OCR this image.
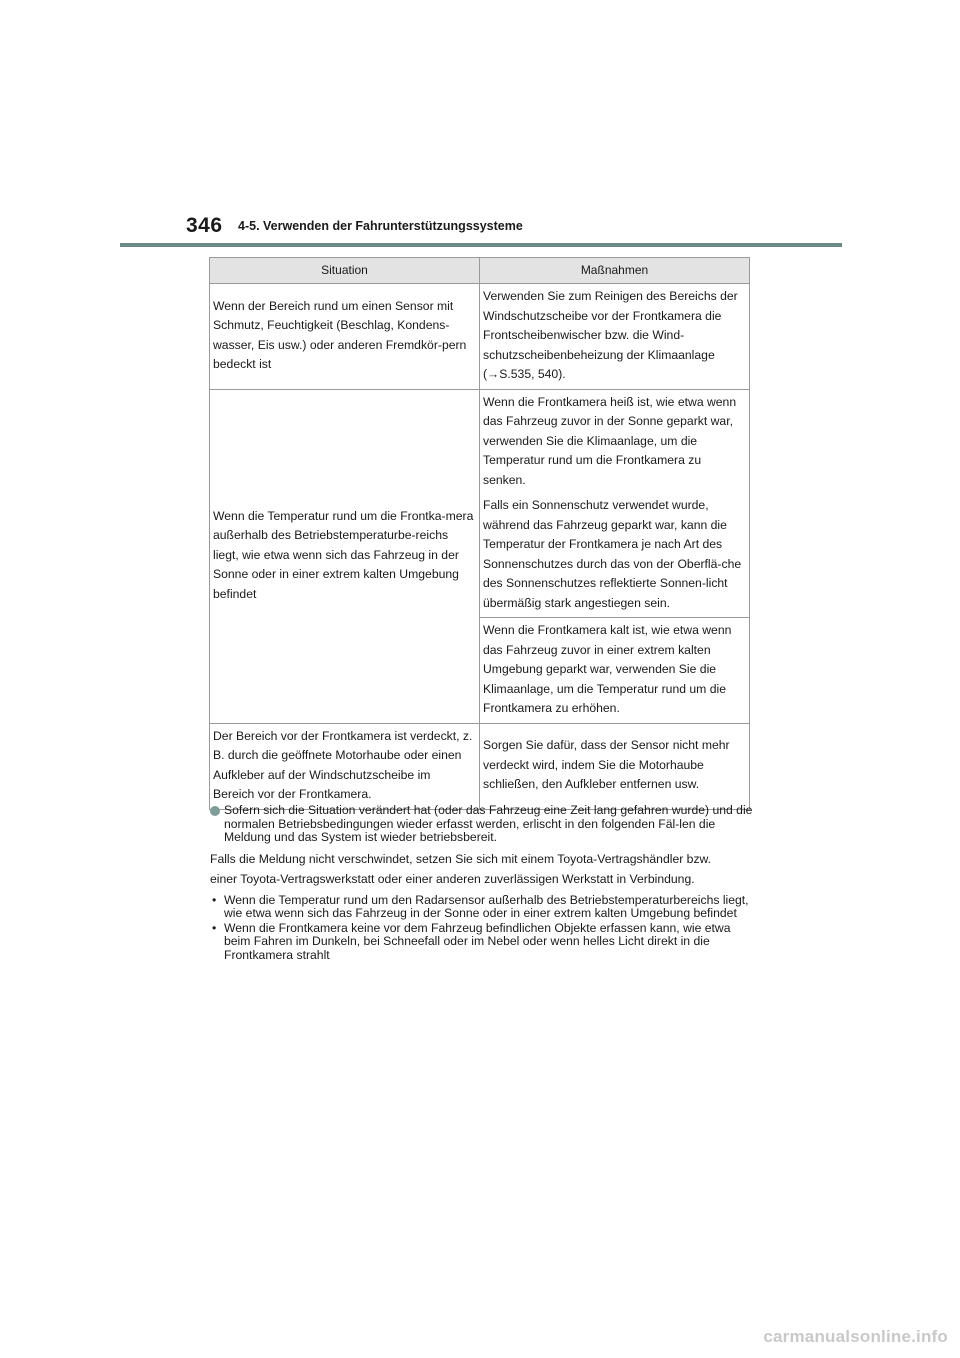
346 4-5. Verwenden der Fahrunterstützungssysteme
Situation	Maßnahmen

Wenn der Bereich rund um einen Sensor mit Schmutz, Feuchtigkeit (Beschlag, Kondens-wasser, Eis usw.) oder anderen Fremdkör-pern bedeckt ist	Verwenden Sie zum Reinigen des Bereichs der Windschutzscheibe vor der Frontkamera die Frontscheibenwischer bzw. die Wind-schutzscheibenbeheizung der Klimaanlage (→S.535, 540).

Wenn die Temperatur rund um die Frontka-mera außerhalb des Betriebstemperaturbe-reichs liegt, wie etwa wenn sich das Fahrzeug in der Sonne oder in einer extrem kalten Umgebung befindet	Wenn die Frontkamera heiß ist, wie etwa wenn das Fahrzeug zuvor in der Sonne geparkt war, verwenden Sie die Klimaanlage, um die Temperatur rund um die Frontkamera zu senken.
Falls ein Sonnenschutz verwendet wurde, während das Fahrzeug geparkt war, kann die Temperatur der Frontkamera je nach Art des Sonnenschutzes durch das von der Oberflä-che des Sonnenschutzes reflektierte Sonnen-licht übermäßig stark angestiegen sein.

	Wenn die Frontkamera kalt ist, wie etwa wenn das Fahrzeug zuvor in einer extrem kalten Umgebung geparkt war, verwenden Sie die Klimaanlage, um die Temperatur rund um die Frontkamera zu erhöhen.

Der Bereich vor der Frontkamera ist verdeckt, z. B. durch die geöffnete Motorhaube oder einen Aufkleber auf der Windschutzscheibe im Bereich vor der Frontkamera.	Sorgen Sie dafür, dass der Sensor nicht mehr verdeckt wird, indem Sie die Motorhaube schließen, den Aufkleber entfernen usw.
Sofern sich die Situation verändert hat (oder das Fahrzeug eine Zeit lang gefahren wurde) und die normalen Betriebsbedingungen wieder erfasst werden, erlischt in den folgenden Fäl-len die Meldung und das System ist wieder betriebsbereit.
Falls die Meldung nicht verschwindet, setzen Sie sich mit einem Toyota-Vertragshändler bzw.
einer Toyota-Vertragswerkstatt oder einer anderen zuverlässigen Werkstatt in Verbindung.
• Wenn die Temperatur rund um den Radarsensor außerhalb des Betriebstemperaturbereichs liegt, wie etwa wenn sich das Fahrzeug in der Sonne oder in einer extrem kalten Umgebung befindet
• Wenn die Frontkamera keine vor dem Fahrzeug befindlichen Objekte erfassen kann, wie etwa beim Fahren im Dunkeln, bei Schneefall oder im Nebel oder wenn helles Licht direkt in die Frontkamera strahlt
carmanualsonline.info
